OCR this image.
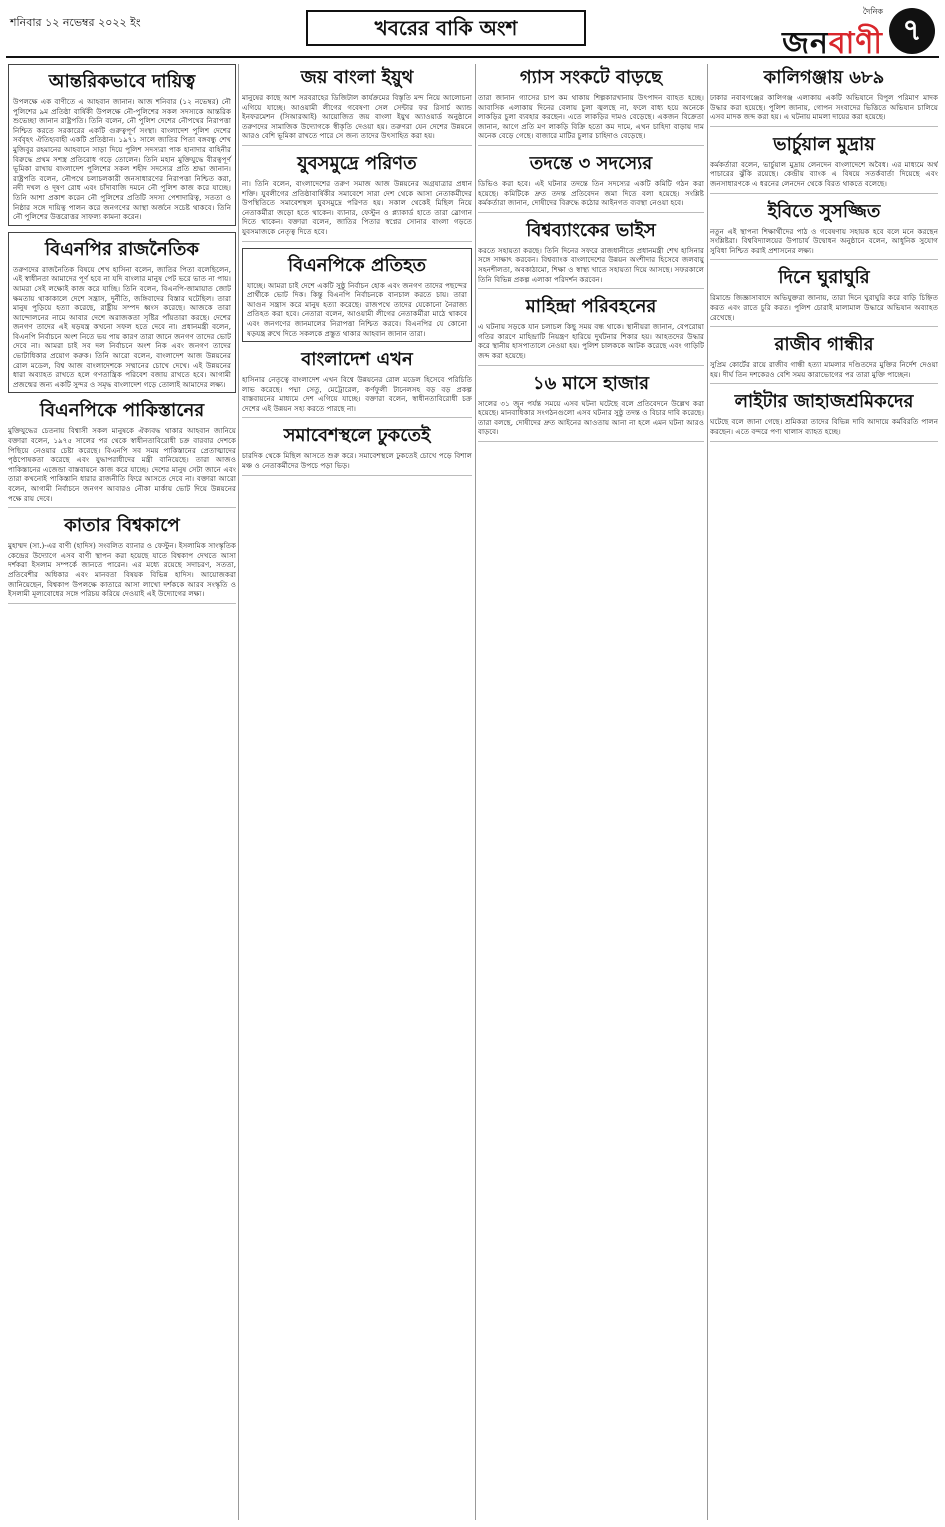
শনিবার ১২ নভেম্বর ২০২২ ইং	খবরের বাকি অংশ
দৈনিক
জনবাণী ৭
আন্তরিকভাবে দায়িত্ব

উপলক্ষে এক বাণীতে এ আহবান জানান। আজ শনিবার (১২ নভেম্বর) নৌ পুলিশের ৯ম প্রতিষ্ঠা বার্ষিকী উপলক্ষে নৌ-পুলিশের সকল সদস্যকে আন্তরিক শুভেচ্ছা জানান রাষ্ট্রপতি। তিনি বলেন, নৌ পুলিশ দেশের নৌপথের নিরাপত্তা নিশ্চিত করতে সরকারের একটি গুরুত্বপূর্ণ সংস্থা। বাংলাদেশ পুলিশ দেশের সর্ববৃহৎ ঐতিহ্যবাহী একটি প্রতিষ্ঠান। ১৯৭১ সালে জাতির পিতা বঙ্গবন্ধু শেখ মুজিবুর রহমানের আহবানে সাড়া দিয়ে পুলিশ সদস্যরা পাক হানাদার বাহিনীর বিরুদ্ধে প্রথম সশস্ত্র প্রতিরোধ গড়ে তোলেন। তিনি মহান মুক্তিযুদ্ধে বীরত্বপূর্ণ ভূমিকা রাখায় বাংলাদেশ পুলিশের সকল শহীদ সদস্যের প্রতি শ্রদ্ধা জানান। রাষ্ট্রপতি বলেন, নৌপথে চলাচলকারী জনসাধারণের নিরাপত্তা নিশ্চিত করা, নদী দখল ও দূষণ রোধ এবং চাঁদাবাজি দমনে নৌ পুলিশ কাজ করে যাচ্ছে। তিনি আশা প্রকাশ করেন নৌ পুলিশের প্রতিটি সদস্য পেশাদারিত্ব, সততা ও নিষ্ঠার সঙ্গে দায়িত্ব পালন করে জনগণের আস্থা অর্জনে সচেষ্ট থাকবে। তিনি নৌ পুলিশের উত্তরোত্তর সাফল্য কামনা করেন।

বিএনপির রাজনৈতিক

তরুণদের রাজনৈতিক বিষয়ে শেখ হাসিনা বলেন, জাতির পিতা বলেছিলেন, এই স্বাধীনতা আমাদের পূর্ণ হবে না যদি বাংলার মানুষ পেট ভরে ভাত না পায়। আমরা সেই লক্ষ্যেই কাজ করে যাচ্ছি। তিনি বলেন, বিএনপি-জামায়াত জোট ক্ষমতায় থাকাকালে দেশে সন্ত্রাস, দুর্নীতি, জঙ্গিবাদের বিস্তার ঘটেছিল। তারা মানুষ পুড়িয়ে হত্যা করেছে, রাষ্ট্রীয় সম্পদ ধ্বংস করেছে। আজকে তারা আন্দোলনের নামে আবার দেশে অরাজকতা সৃষ্টির পাঁয়তারা করছে। দেশের জনগণ তাদের এই ষড়যন্ত্র কখনো সফল হতে দেবে না। প্রধানমন্ত্রী বলেন, বিএনপি নির্বাচনে অংশ নিতে ভয় পায় কারণ তারা জানে জনগণ তাদের ভোট দেবে না। আমরা চাই সব দল নির্বাচনে অংশ নিক এবং জনগণ তাদের ভোটাধিকার প্রয়োগ করুক। তিনি আরো বলেন, বাংলাদেশ আজ উন্নয়নের রোল মডেল, বিশ্ব আজ বাংলাদেশকে সম্মানের চোখে দেখে। এই উন্নয়নের ধারা অব্যাহত রাখতে হলে গণতান্ত্রিক পরিবেশ বজায় রাখতে হবে। আগামী প্রজন্মের জন্য একটি সুন্দর ও সমৃদ্ধ বাংলাদেশ গড়ে তোলাই আমাদের লক্ষ্য।

বিএনপিকে পাকিস্তানের

মুক্তিযুদ্ধের চেতনায় বিশ্বাসী সকল মানুষকে ঐক্যবদ্ধ থাকার আহবান জানিয়ে বক্তারা বলেন, ১৯৭৫ সালের পর থেকে স্বাধীনতাবিরোধী চক্র বারবার দেশকে পিছিয়ে নেওয়ার চেষ্টা করেছে। বিএনপি সব সময় পাকিস্তানের প্রেতাত্মাদের পৃষ্ঠপোষকতা করেছে এবং যুদ্ধাপরাধীদের মন্ত্রী বানিয়েছে। তারা আজও পাকিস্তানের এজেন্ডা বাস্তবায়নে কাজ করে যাচ্ছে। দেশের মানুষ সেটা জানে এবং তারা কখনোই পাকিস্তানি ধারার রাজনীতি ফিরে আসতে দেবে না। বক্তারা আরো বলেন, আগামী নির্বাচনে জনগণ আবারও নৌকা মার্কায় ভোট দিয়ে উন্নয়নের পক্ষে রায় দেবে।

কাতার বিশ্বকাপে

মুহাম্মদ (সা.)-এর বাণী (হাদিস) সংবলিত ব্যানার ও ফেস্টুন। ইসলামিক সাংস্কৃতিক কেন্দ্রের উদ্যোগে এসব বাণী স্থাপন করা হয়েছে যাতে বিশ্বকাপ দেখতে আসা দর্শকরা ইসলাম সম্পর্কে জানতে পারেন। এর মধ্যে রয়েছে সদাচরণ, সততা, প্রতিবেশীর অধিকার এবং মানবতা বিষয়ক বিভিন্ন হাদিস। আয়োজকরা জানিয়েছেন, বিশ্বকাপ উপলক্ষে কাতারে আসা লাখো দর্শককে আরব সংস্কৃতি ও ইসলামী মূল্যবোধের সঙ্গে পরিচয় করিয়ে দেওয়াই এই উদ্যোগের লক্ষ্য।

জয় বাংলা ইয়ুথ

মানুষের কাছে আশ সরবরাহের ডিজিটাল কার্যক্রমের বিস্তৃতি মন্দ নিয়ে আলোচনা এগিয়ে যাচ্ছে। আওয়ামী লীগের গবেষণা সেল সেন্টার ফর রিসার্চ অ্যান্ড ইনফরমেশন (সিআরআই) আয়োজিত জয় বাংলা ইয়ুথ অ্যাওয়ার্ড অনুষ্ঠানে তরুণদের সামাজিক উদ্যোগকে স্বীকৃতি দেওয়া হয়। তরুণরা যেন দেশের উন্নয়নে আরও বেশি ভূমিকা রাখতে পারে সে জন্য তাদের উৎসাহিত করা হয়।

যুবসমুদ্রে পরিণত

না। তিনি বলেন, বাংলাদেশের তরুণ সমাজ আজ উন্নয়নের অগ্রযাত্রার প্রধান শক্তি। যুবলীগের প্রতিষ্ঠাবার্ষিকীর সমাবেশে সারা দেশ থেকে আসা নেতাকর্মীদের উপস্থিতিতে সমাবেশস্থল যুবসমুদ্রে পরিণত হয়। সকাল থেকেই মিছিল নিয়ে নেতাকর্মীরা জড়ো হতে থাকেন। ব্যানার, ফেস্টুন ও প্ল্যাকার্ড হাতে তারা স্লোগান দিতে থাকেন। বক্তারা বলেন, জাতির পিতার স্বপ্নের সোনার বাংলা গড়তে যুবসমাজকে নেতৃত্ব দিতে হবে।

বিএনপিকে প্রতিহত

যাচ্ছে। আমরা চাই দেশে একটি সুষ্ঠু নির্বাচন হোক এবং জনগণ তাদের পছন্দের প্রার্থীকে ভোট দিক। কিন্তু বিএনপি নির্বাচনকে বানচাল করতে চায়। তারা আগুন সন্ত্রাস করে মানুষ হত্যা করেছে। রাজপথে তাদের যেকোনো নৈরাজ্য প্রতিহত করা হবে। নেতারা বলেন, আওয়ামী লীগের নেতাকর্মীরা মাঠে থাকবে এবং জনগণের জানমালের নিরাপত্তা নিশ্চিত করবে। বিএনপির যে কোনো ষড়যন্ত্র রুখে দিতে সকলকে প্রস্তুত থাকার আহবান জানান তারা।

বাংলাদেশ এখন

হাসিনার নেতৃত্বে বাংলাদেশ এখন বিশ্বে উন্নয়নের রোল মডেল হিসেবে পরিচিতি লাভ করেছে। পদ্মা সেতু, মেট্রোরেল, কর্ণফুলী টানেলসহ বড় বড় প্রকল্প বাস্তবায়নের মাধ্যমে দেশ এগিয়ে যাচ্ছে। বক্তারা বলেন, স্বাধীনতাবিরোধী চক্র দেশের এই উন্নয়ন সহ্য করতে পারছে না।

সমাবেশস্থলে ঢুকতেই

চারদিক থেকে মিছিল আসতে শুরু করে। সমাবেশস্থলে ঢুকতেই চোখে পড়ে বিশাল মঞ্চ ও নেতাকর্মীদের উপচে পড়া ভিড়।

গ্যাস সংকটে বাড়ছে

তারা জানান গ্যাসের চাপ কম থাকায় শিল্পকারখানায় উৎপাদন ব্যাহত হচ্ছে। আবাসিক এলাকায় দিনের বেলায় চুলা জ্বলছে না, ফলে বাধ্য হয়ে অনেকে লাকড়ির চুলা ব্যবহার করছেন। এতে লাকড়ির দামও বেড়েছে। একজন বিক্রেতা জানান, আগে প্রতি মণ লাকড়ি বিক্রি হতো কম দামে, এখন চাহিদা বাড়ায় দাম অনেক বেড়ে গেছে। বাজারে মাটির চুলার চাহিদাও বেড়েছে।

তদন্তে ৩ সদস্যের

ডিভিও করা হবে। এই ঘটনার তদন্তে তিন সদস্যের একটি কমিটি গঠন করা হয়েছে। কমিটিকে দ্রুত তদন্ত প্রতিবেদন জমা দিতে বলা হয়েছে। সংশ্লিষ্ট কর্মকর্তারা জানান, দোষীদের বিরুদ্ধে কঠোর আইনগত ব্যবস্থা নেওয়া হবে।

বিশ্বব্যাংকের ভাইস

করতে সহায়তা করছে। তিনি দিনের সফরে রাজধানীতে প্রধানমন্ত্রী শেখ হাসিনার সঙ্গে সাক্ষাৎ করবেন। বিশ্বব্যাংক বাংলাদেশের উন্নয়ন অংশীদার হিসেবে জলবায়ু সহনশীলতা, অবকাঠামো, শিক্ষা ও স্বাস্থ্য খাতে সহায়তা দিয়ে আসছে। সফরকালে তিনি বিভিন্ন প্রকল্প এলাকা পরিদর্শন করবেন।

মাহিন্দ্রা পরিবহনের

এ ঘটনায় সড়কে যান চলাচল কিছু সময় বন্ধ থাকে। স্থানীয়রা জানান, বেপরোয়া গতির কারণে মাহিন্দ্রাটি নিয়ন্ত্রণ হারিয়ে দুর্ঘটনার শিকার হয়। আহতদের উদ্ধার করে স্থানীয় হাসপাতালে নেওয়া হয়। পুলিশ চালককে আটক করেছে এবং গাড়িটি জব্দ করা হয়েছে।

১৬ মাসে হাজার

সালের ৩১ জুন পর্যন্ত সময়ে এসব ঘটনা ঘটেছে বলে প্রতিবেদনে উল্লেখ করা হয়েছে। মানবাধিকার সংগঠনগুলো এসব ঘটনার সুষ্ঠু তদন্ত ও বিচার দাবি করেছে। তারা বলছে, দোষীদের দ্রুত আইনের আওতায় আনা না হলে এমন ঘটনা আরও বাড়বে।

কালিগঞ্জায় ৬৮৯

ঢাকার নবাবগঞ্জের কালিগঞ্জ এলাকায় একটি অভিযানে বিপুল পরিমাণ মাদক উদ্ধার করা হয়েছে। পুলিশ জানায়, গোপন সংবাদের ভিত্তিতে অভিযান চালিয়ে এসব মাদক জব্দ করা হয়। এ ঘটনায় মামলা দায়ের করা হয়েছে।

ভার্চুয়াল মুদ্রায়

কর্মকর্তারা বলেন, ভার্চুয়াল মুদ্রায় লেনদেন বাংলাদেশে অবৈধ। এর মাধ্যমে অর্থ পাচারের ঝুঁকি রয়েছে। কেন্দ্রীয় ব্যাংক এ বিষয়ে সতর্কবার্তা দিয়েছে এবং জনসাধারণকে এ ধরনের লেনদেন থেকে বিরত থাকতে বলেছে।

ইবিতে সুসজ্জিত

নতুন এই স্থাপনা শিক্ষার্থীদের পাঠ ও গবেষণায় সহায়ক হবে বলে মনে করছেন সংশ্লিষ্টরা। বিশ্ববিদ্যালয়ের উপাচার্য উদ্বোধন অনুষ্ঠানে বলেন, আধুনিক সুযোগ সুবিধা নিশ্চিত করাই প্রশাসনের লক্ষ্য।

দিনে ঘুরাঘুরি

রিমান্ডে জিজ্ঞাসাবাদে অভিযুক্তরা জানায়, তারা দিনে ঘুরাঘুরি করে বাড়ি চিহ্নিত করত এবং রাতে চুরি করত। পুলিশ চোরাই মালামাল উদ্ধারে অভিযান অব্যাহত রেখেছে।

রাজীব গান্ধীর

সুপ্রিম কোর্টের রায়ে রাজীব গান্ধী হত্যা মামলার দণ্ডিতদের মুক্তির নির্দেশ দেওয়া হয়। দীর্ঘ তিন দশকেরও বেশি সময় কারাভোগের পর তারা মুক্তি পাচ্ছেন।

লাইটার জাহাজশ্রমিকদের

ঘটেছে বলে জানা গেছে। শ্রমিকরা তাদের বিভিন্ন দাবি আদায়ে কর্মবিরতি পালন করছেন। এতে বন্দরে পণ্য খালাস ব্যাহত হচ্ছে।
